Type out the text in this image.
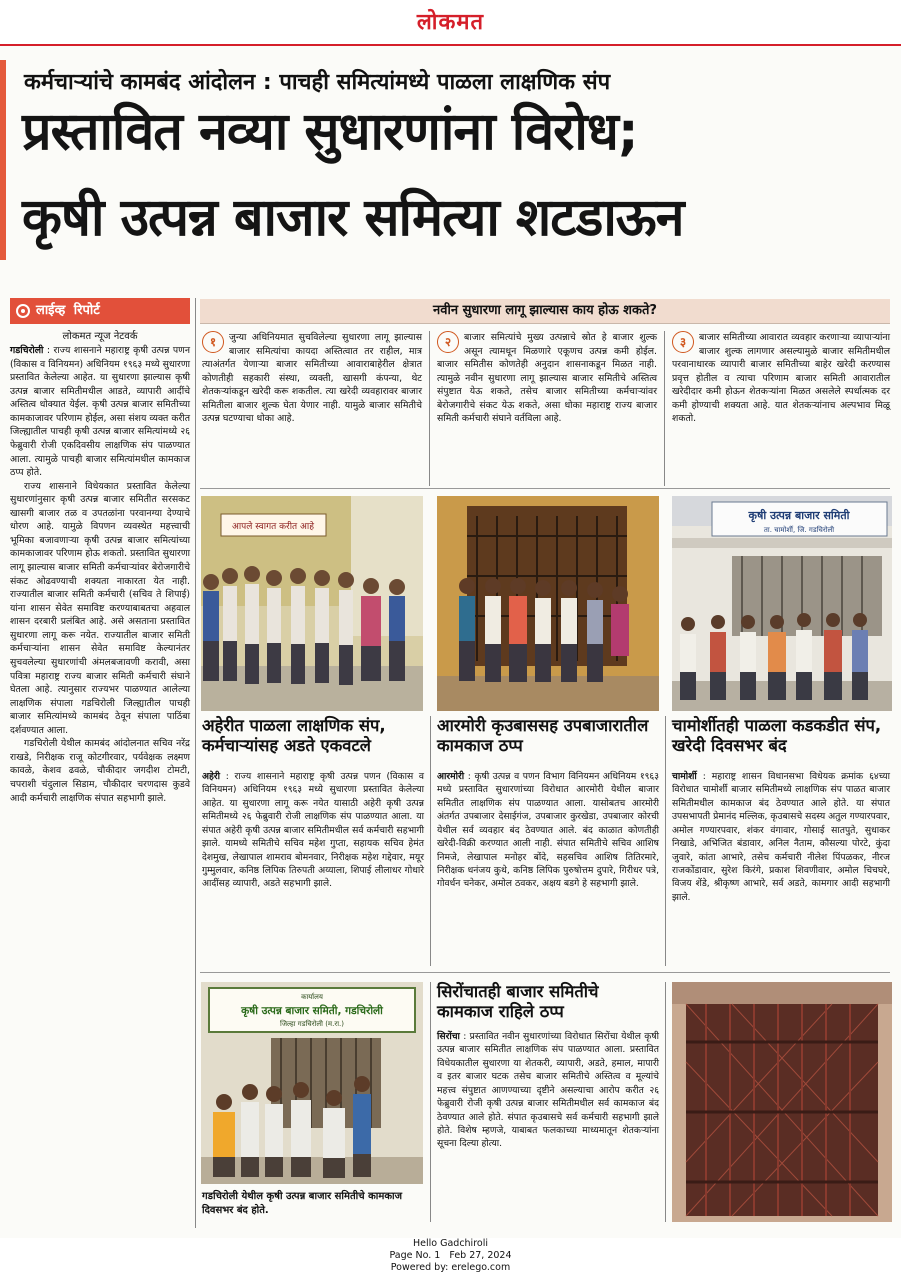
लोकमत
कर्मचाऱ्यांचे कामबंद आंदोलन : पाचही समित्यांमध्ये पाळला लाक्षणिक संप
प्रस्तावित नव्या सुधारणांना विरोध;
कृषी उत्पन्न बाजार समित्या शटडाऊन
लाईव्ह रिपोर्ट
लोकमत न्यूज नेटवर्क

गडचिरोली : राज्य शासनाने महाराष्ट्र कृषी उत्पन्न पणन (विकास व विनियमन) अधिनियम १९६३ मध्ये सुधारणा प्रस्तावित केलेल्या आहेत. या सुधारणा झाल्यास कृषी उत्पन्न बाजार समितीमधील आडते, व्यापारी आदींचे अस्तित्व धोक्यात येईल. कृषी उत्पन्न बाजार समितीच्या कामकाजावर परिणाम होईल, असा संशय व्यक्त करीत जिल्ह्यातील पाचही कृषी उत्पन्न बाजार समित्यांमध्ये २६ फेब्रुवारी रोजी एकदिवसीय लाक्षणिक संप पाळण्यात आला. त्यामुळे पाचही बाजार समित्यांमधील कामकाज ठप्प होते.

राज्य शासनाने विधेयकात प्रस्तावित केलेल्या सुधारणांनुसार कृषी उत्पन्न बाजार समितीत सरसकट खासगी बाजार तळ व उपतळांना परवानग्या देण्याचे धोरण आहे. यामुळे विपणन व्यवस्थेत महत्त्वाची भूमिका बजावणाऱ्या कृषी उत्पन्न बाजार समित्यांच्या कामकाजावर परिणाम होऊ शकतो. प्रस्तावित सुधारणा लागू झाल्यास बाजार समिती कर्मचाऱ्यांवर बेरोजगारीचे संकट ओढवण्याची शक्यता नाकारता येत नाही. राज्यातील बाजार समिती कर्मचारी (सचिव ते शिपाई) यांना शासन सेवेत समाविष्ट करण्याबाबतचा अहवाल शासन दरबारी प्रलंबित आहे. असे असताना प्रस्तावित सुधारणा लागू करू नयेत. राज्यातील बाजार समिती कर्मचाऱ्यांना शासन सेवेत समाविष्ट केल्यानंतर सुचवलेल्या सुधारणांची अंमलबजावणी करावी, असा पवित्रा महाराष्ट्र राज्य बाजार समिती कर्मचारी संघाने घेतला आहे. त्यानुसार राज्यभर पाळण्यात आलेल्या लाक्षणिक संपाला गडचिरोली जिल्ह्यातील पाचही बाजार समित्यांमध्ये कामबंद ठेवून संपाला पाठिंबा दर्शवण्यात आला.

गडचिरोली येथील कामबंद आंदोलनात सचिव नरेंद्र राखडे, निरीक्षक राजू कोटगीरवार, पर्यवेक्षक लक्ष्मण कावळे, केशव ढवळे, चौकीदार जगदीश टोमटी, चपराशी चंदुलाल सिडाम, चौकीदार चरणदास कुडवे आदी कर्मचारी लाक्षणिक संपात सहभागी झाले.

नवीन सुधारणा लागू झाल्यास काय होऊ शकते?
१	जुन्या अधिनियमात सुचविलेल्या सुधारणा लागू झाल्यास बाजार समित्यांचा कायदा अस्तित्वात तर राहील, मात्र त्याअंतर्गत येणाऱ्या बाजार समितीच्या आवाराबाहेरील क्षेत्रात कोणतीही सहकारी संस्था, व्यक्ती, खासगी कंपन्या, थेट शेतकऱ्यांकडून खरेदी करू शकतील. त्या खरेदी व्यवहारावर बाजार समितीला बाजार शुल्क घेता येणार नाही. यामुळे बाजार समितीचे उत्पन्न घटण्याचा धोका आहे.
२	बाजार समित्यांचे मुख्य उत्पन्नाचे स्रोत हे बाजार शुल्क असून त्यामधून मिळणारे एकूणच उत्पन्न कमी होईल. बाजार समितीस कोणतेही अनुदान शासनाकडून मिळत नाही. त्यामुळे नवीन सुधारणा लागू झाल्यास बाजार समितीचे अस्तित्व संपुष्टात येऊ शकते, तसेच बाजार समितीच्या कर्मचाऱ्यांवर बेरोजगारीचे संकट येऊ शकते, असा धोका महाराष्ट्र राज्य बाजार समिती कर्मचारी संघाने वर्तविला आहे.
३	बाजार समितीच्या आवारात व्यवहार करणाऱ्या व्यापाऱ्यांना बाजार शुल्क लागणार असल्यामुळे बाजार समितीमधील परवानाधारक व्यापारी बाजार समितीच्या बाहेर खरेदी करण्यास प्रवृत्त होतील व त्याचा परिणाम बाजार समिती आवारातील खरेदीदार कमी होऊन शेतकऱ्यांना मिळत असलेले स्पर्धात्मक दर कमी होण्याची शक्यता आहे. यात शेतकऱ्यांनाच अल्पभाव मिळू शकतो.
आपले स्वागत करीत आहे
कृषी उत्पन्न बाजार समिती
ता. चामोर्शी, जि. गडचिरोली
अहेरीत पाळला लाक्षणिक संप, कर्मचाऱ्यांसह अडते एकवटले
अहेरी : राज्य शासनाने महाराष्ट्र कृषी उत्पन्न पणन (विकास व विनियमन) अधिनियम १९६३ मध्ये सुधारणा प्रस्तावित केलेल्या आहेत. या सुधारणा लागू करू नयेत यासाठी अहेरी कृषी उत्पन्न समितीमध्ये २६ फेब्रुवारी रोजी लाक्षणिक संप पाळण्यात आला. या संपात अहेरी कृषी उत्पन्न बाजार समितीमधील सर्व कर्मचारी सहभागी झाले. यामध्ये समितीचे सचिव महेश गुप्ता, सहायक सचिव हेमंत देशमुख, लेखापाल शामराव बोमनवार, निरीक्षक महेश गद्देवार, मयूर गुम्मुलवार, कनिष्ठ लिपिक तिरुपती अय्याला, शिपाई लीलाधर गोधारे आदींसह व्यापारी, अडते सहभागी झाले.
आरमोरी कृउबाससह उपबाजारातील कामकाज ठप्प
आरमोरी : कृषी उत्पन्न व पणन विभाग विनियमन अधिनियम १९६३ मध्ये प्रस्तावित सुधारणांच्या विरोधात आरमोरी येथील बाजार समितीत लाक्षणिक संप पाळण्यात आला. यासोबतच आरमोरी अंतर्गत उपबाजार देसाईगंज, उपबाजार कुरखेडा, उपबाजार कोरची येथील सर्व व्यवहार बंद ठेवण्यात आले. बंद काळात कोणतीही खरेदी-विक्री करण्यात आली नाही. संपात समितीचे सचिव आशिष निमजे, लेखापाल मनोहर बोंदे, सहसचिव आशिष तितिरमारे, निरीक्षक धनंजय कुथे, कनिष्ठ लिपिक पुरुषोत्तम दुपारे, गिरीधर पत्रे, गोवर्धन चनेकर, अमोल ठवकर, अक्षय बडगे हे सहभागी झाले.
चामोर्शीतही पाळला कडकडीत संप, खरेदी दिवसभर बंद
चामोर्शी : महाराष्ट्र शासन विधानसभा विधेयक क्रमांक ६४च्या विरोधात चामोर्शी बाजार समितीमध्ये लाक्षणिक संप पाळत बाजार समितीमधील कामकाज बंद ठेवण्यात आले होते. या संपात उपसभापती प्रेमानंद मल्लिक, कृउबासचे सदस्य अतुल गण्यारपवार, अमोल गण्यारपवार, शंकर वंगावार, गोसाई सातपुते, सुधाकर निखाडे, अभिजित बंडावार, अनिल नैताम, कौसल्या पोरटे, कुंदा जुवारे, कांता आभारे, तसेच कर्मचारी नीलेश पिंपळकर, नीरज राजकोंडावार, सुरेश किरंगे, प्रकाश शिवणीवार, अमोल चिचघरे, विजय शेंडे, श्रीकृष्ण आभारे, सर्व अडते, कामगार आदी सहभागी झाले.
कार्यालय
कृषी उत्पन्न बाजार समिती, गडचिरोली
जिल्हा गडचिरोली (म.रा.)
गडचिरोली येथील कृषी उत्पन्न बाजार समितीचे कामकाज दिवसभर बंद होते.
सिरोंचातही बाजार समितीचे कामकाज राहिले ठप्प
सिरोंचा : प्रस्तावित नवीन सुधारणांच्या विरोधात सिरोंचा येथील कृषी उत्पन्न बाजार समितीत लाक्षणिक संप पाळण्यात आला. प्रस्तावित विधेयकातील सुधारणा या शेतकरी, व्यापारी, अडते, हमाल, मापारी व इतर बाजार घटक तसेच बाजार समितीचे अस्तित्व व मूल्यांचे महत्त्व संपुष्टात आणण्याच्या दृष्टीने असल्याचा आरोप करीत २६ फेब्रुवारी रोजी कृषी उत्पन्न बाजार समितीमधील सर्व कामकाज बंद ठेवण्यात आले होते. संपात कृउबासचे सर्व कर्मचारी सहभागी झाले होते. विशेष म्हणजे, याबाबत फलकाच्या माध्यमातून शेतकऱ्यांना सूचना दिल्या होत्या.
Hello Gadchiroli
Page No. 1 Feb 27, 2024
Powered by: erelego.com
